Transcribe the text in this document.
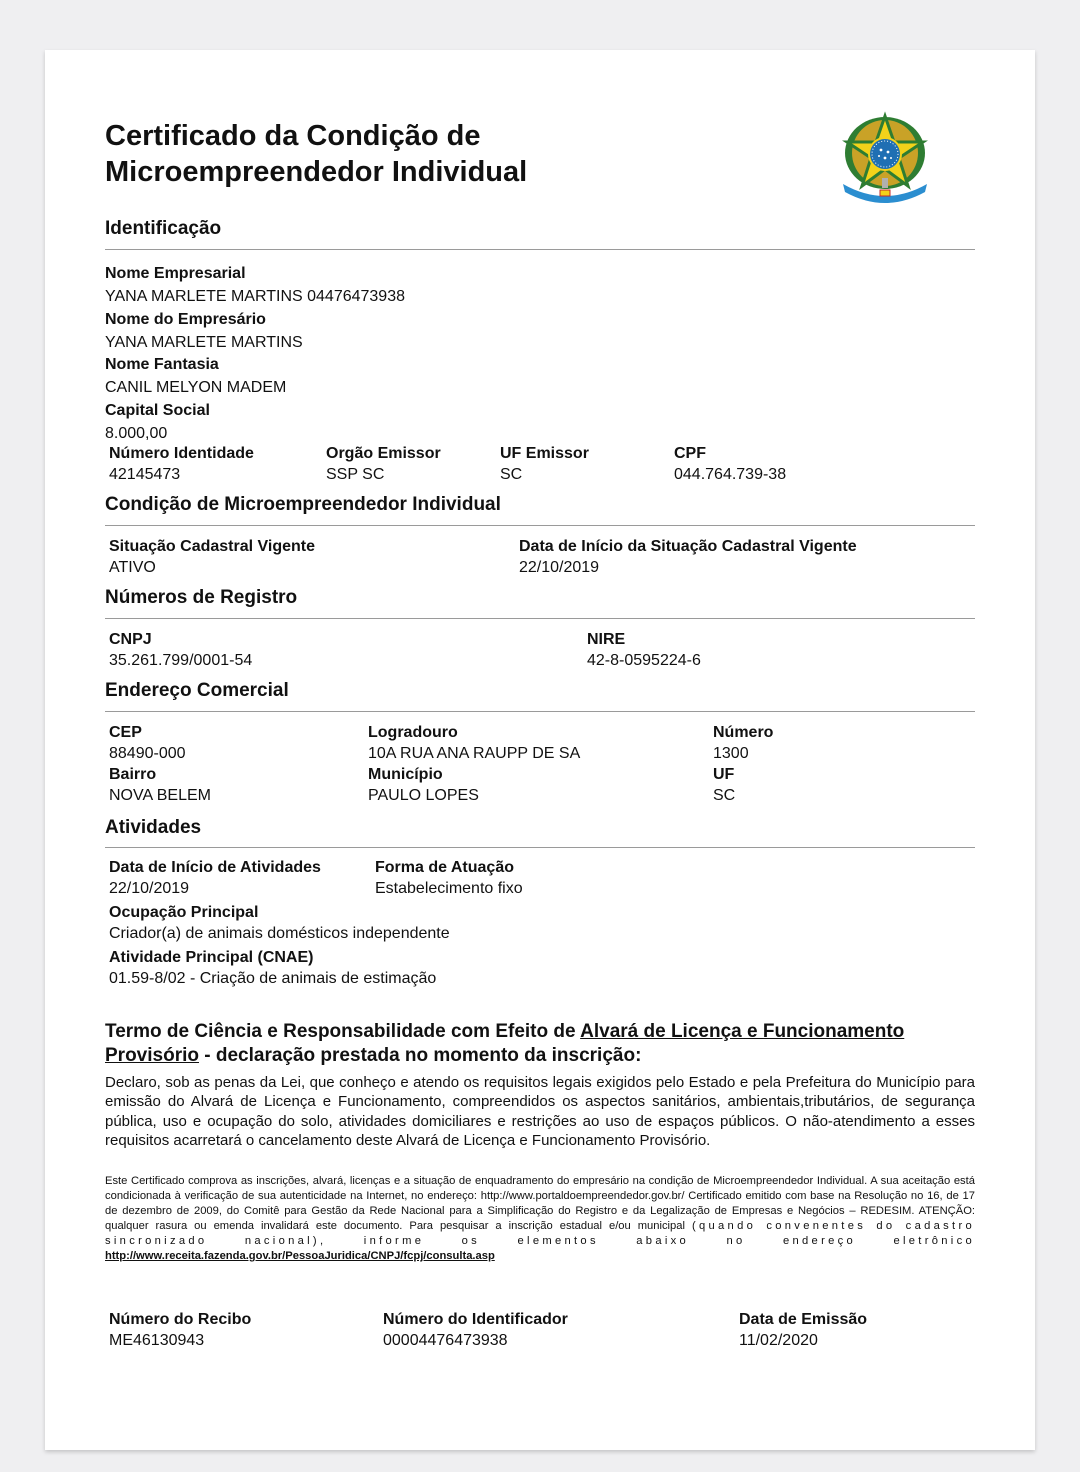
Certificado da Condição de
Microempreendedor Individual
Identificação
Nome Empresarial
YANA MARLETE MARTINS 04476473938
Nome do Empresário
YANA MARLETE MARTINS
Nome Fantasia
CANIL MELYON MADEM
Capital Social
8.000,00
Número Identidade
42145473
Orgão Emissor
SSP SC
UF Emissor
SC
CPF
044.764.739-38
Condição de Microempreendedor Individual
Situação Cadastral Vigente
ATIVO
Data de Início da Situação Cadastral Vigente
22/10/2019
Números de Registro
CNPJ
35.261.799/0001-54
NIRE
42-8-0595224-6
Endereço Comercial
CEP
88490-000
Logradouro
10A RUA ANA RAUPP DE SA
Número
1300
Bairro
NOVA BELEM
Município
PAULO LOPES
UF
SC
Atividades
Data de Início de Atividades
22/10/2019
Forma de Atuação
Estabelecimento fixo
Ocupação Principal
Criador(a) de animais domésticos independente
Atividade Principal (CNAE)
01.59-8/02 - Criação de animais de estimação
Termo de Ciência e Responsabilidade com Efeito de Alvará de Licença e Funcionamento
Provisório - declaração prestada no momento da inscrição:
Declaro, sob as penas da Lei, que conheço e atendo os requisitos legais exigidos pelo Estado e pela Prefeitura do Município para emissão do Alvará de Licença e Funcionamento, compreendidos os aspectos sanitários, ambientais,tributários, de segurança pública, uso e ocupação do solo, atividades domiciliares e restrições ao uso de espaços públicos. O não-atendimento a esses requisitos acarretará o cancelamento deste Alvará de Licença e Funcionamento Provisório.
Este Certificado comprova as inscrições, alvará, licenças e a situação de enquadramento do empresário na condição de Microempreendedor Individual. A sua aceitação está condicionada à verificação de sua autenticidade na Internet, no endereço: http://www.portaldoempreendedor.gov.br/ Certificado emitido com base na Resolução no 16, de 17 de dezembro de 2009, do Comitê para Gestão da Rede Nacional para a Simplificação do Registro e da Legalização de Empresas e Negócios – REDESIM. ATENÇÃO: qualquer rasura ou emenda invalidará este documento. Para pesquisar a inscrição estadual e/ou municipal (quando convenentes do cadastro sincronizado nacional), informe os elementos abaixo no endereço eletrônico http://www.receita.fazenda.gov.br/PessoaJuridica/CNPJ/fcpj/consulta.asp
Número do Recibo
ME46130943
Número do Identificador
00004476473938
Data de Emissão
11/02/2020
